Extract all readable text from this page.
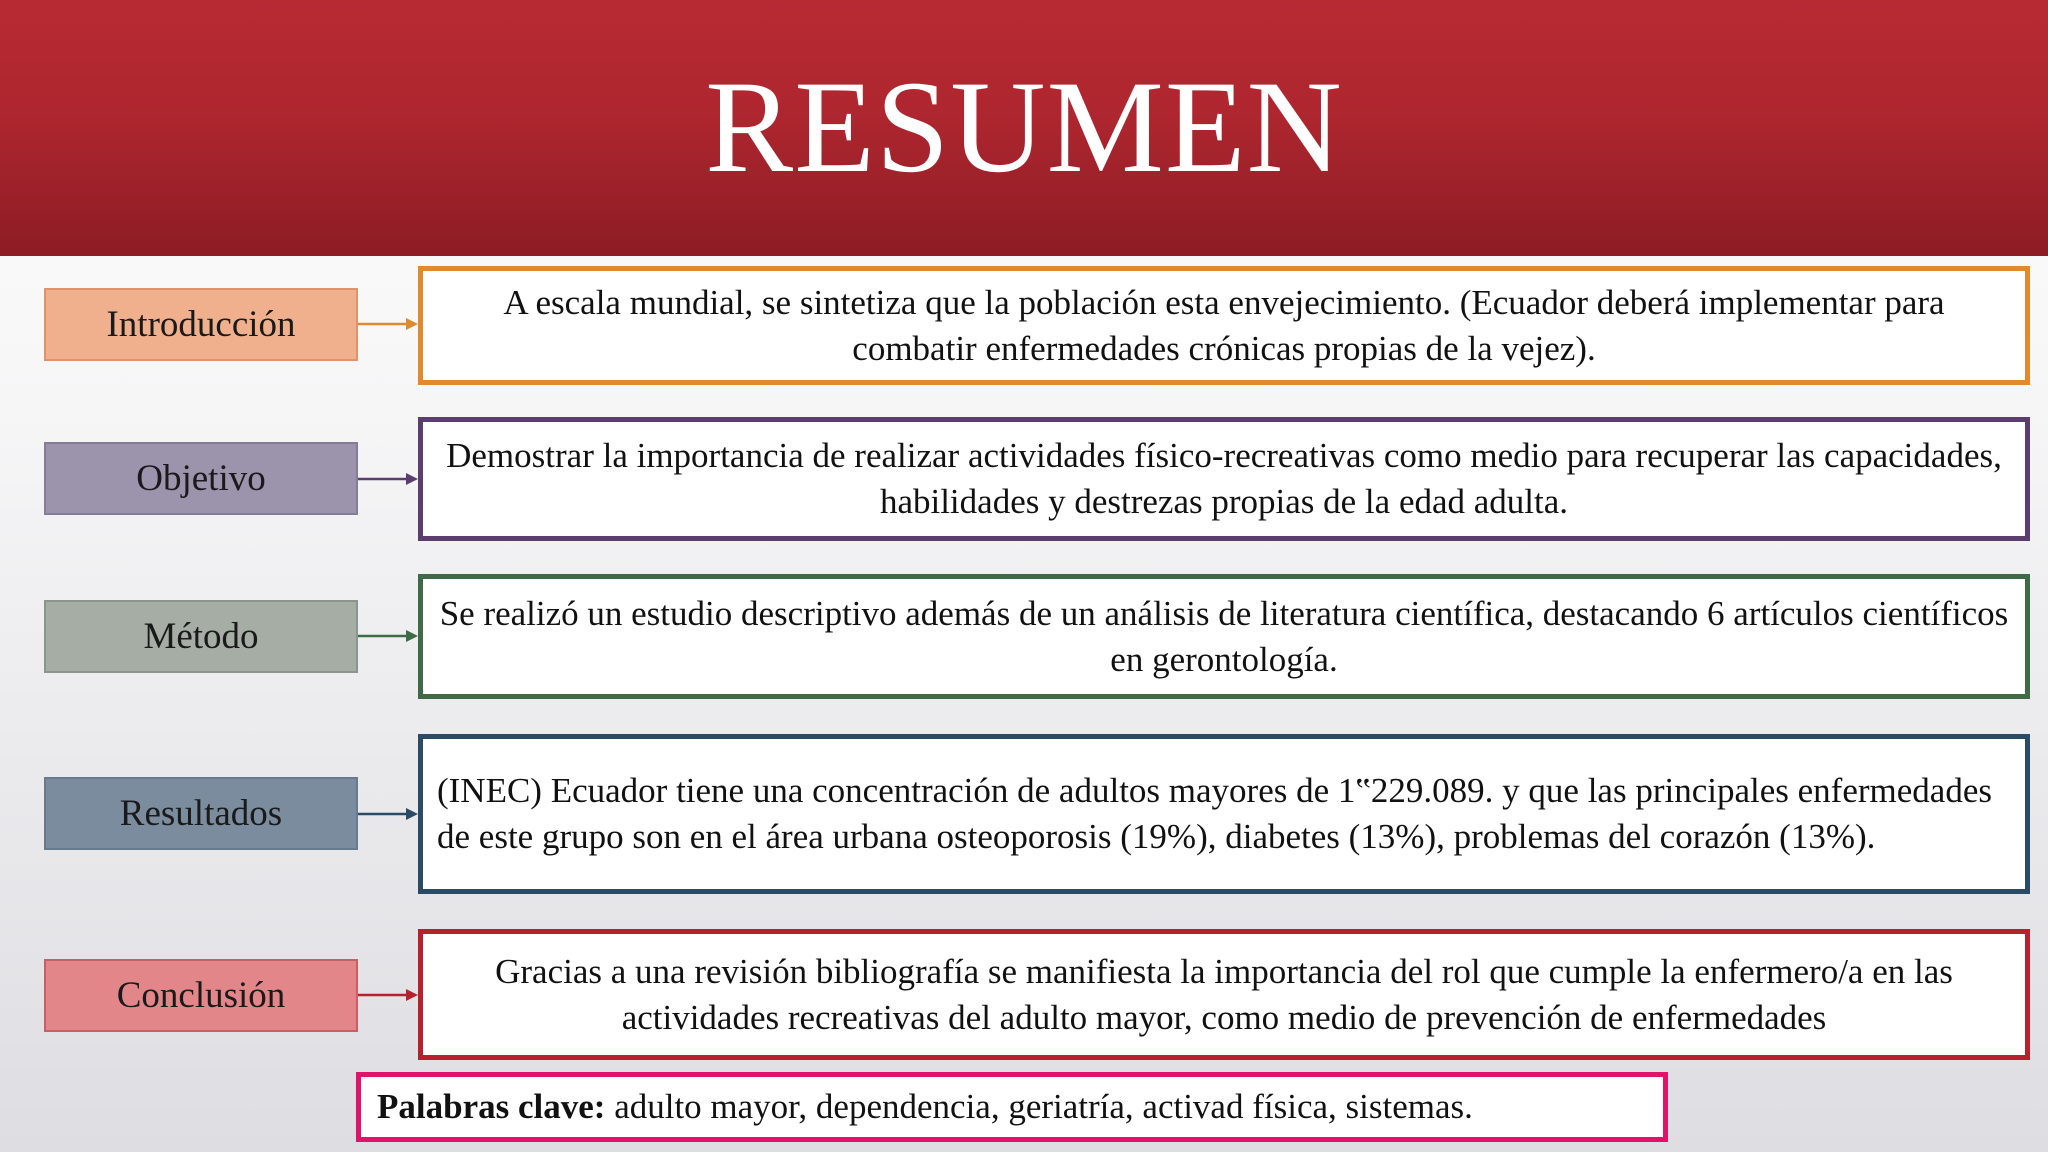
RESUMEN
Introducción
A escala mundial, se sintetiza que la población esta envejecimiento. (Ecuador deberá implementar para combatir enfermedades crónicas propias de la vejez).
Objetivo
Demostrar la importancia de realizar actividades físico-recreativas como medio para recuperar las capacidades, habilidades y destrezas propias de la edad adulta.
Método
Se realizó un estudio descriptivo además de un análisis de literatura científica, destacando 6 artículos científicos en gerontología.
Resultados
(INEC) Ecuador tiene una concentración de adultos mayores de 1‟229.089. y que las principales enfermedades de este grupo son en el área urbana osteoporosis (19%), diabetes (13%), problemas del corazón (13%).
Conclusión
Gracias a una revisión bibliografía se manifiesta la importancia del rol que cumple la enfermero/a en las actividades recreativas del adulto mayor, como medio de prevención de enfermedades
Palabras clave: adulto mayor, dependencia, geriatría, activad física, sistemas.
